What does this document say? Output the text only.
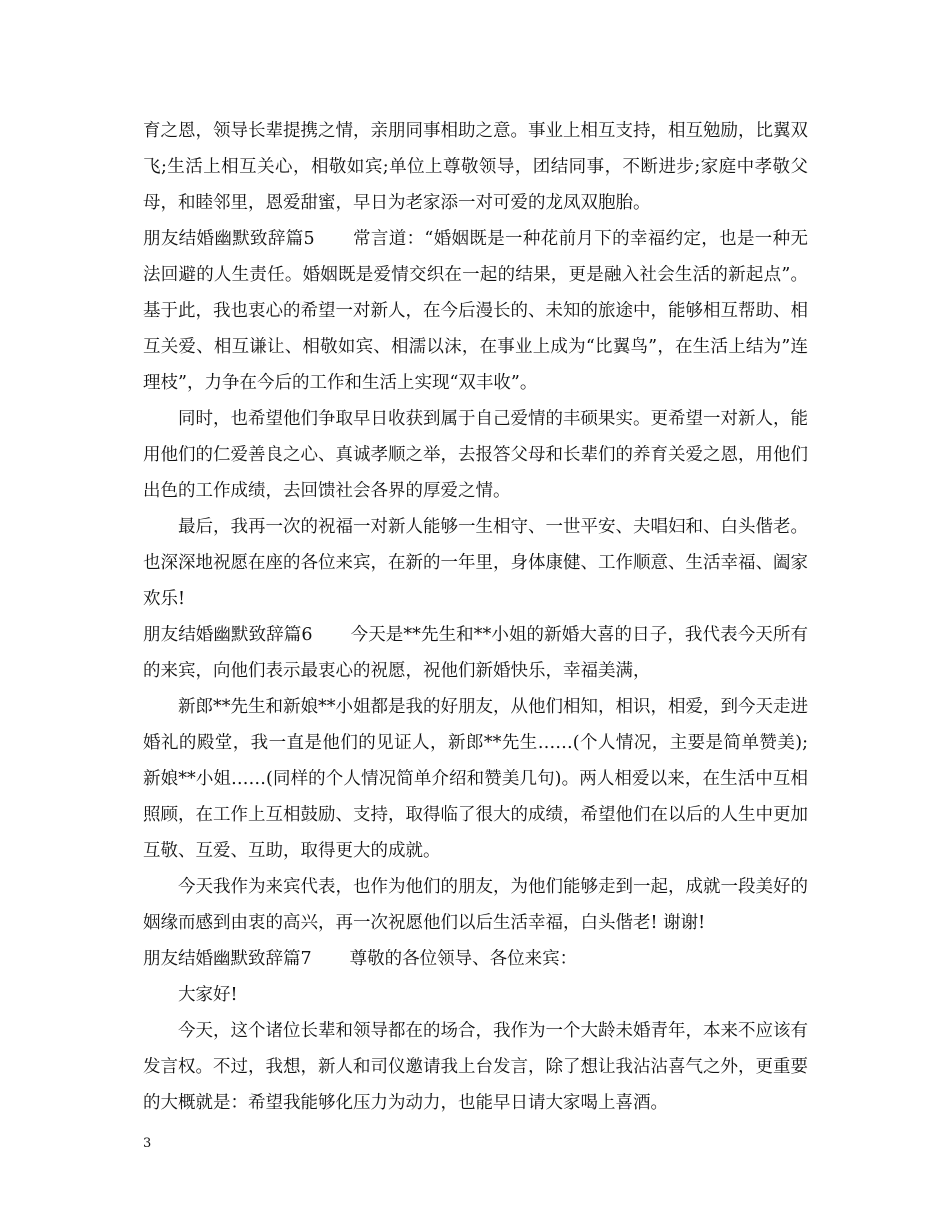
育之恩，领导长辈提携之情，亲朋同事相助之意。事业上相互支持，相互勉励，比翼双飞;生活上相互关心，相敬如宾;单位上尊敬领导，团结同事，不断进步;家庭中孝敬父母，和睦邻里，恩爱甜蜜，早日为老家添一对可爱的龙凤双胞胎。

朋友结婚幽默致辞篇5 常言道：“婚姻既是一种花前月下的幸福约定，也是一种无法回避的人生责任。婚姻既是爱情交织在一起的结果，更是融入社会生活的新起点”。基于此，我也衷心的希望一对新人，在今后漫长的、未知的旅途中，能够相互帮助、相互关爱、相互谦让、相敬如宾、相濡以沫，在事业上成为“比翼鸟”，在生活上结为”连理枝”，力争在今后的工作和生活上实现“双丰收”。

同时，也希望他们争取早日收获到属于自己爱情的丰硕果实。更希望一对新人，能用他们的仁爱善良之心、真诚孝顺之举，去报答父母和长辈们的养育关爱之恩，用他们出色的工作成绩，去回馈社会各界的厚爱之情。

最后，我再一次的祝福一对新人能够一生相守、一世平安、夫唱妇和、白头偕老。也深深地祝愿在座的各位来宾，在新的一年里，身体康健、工作顺意、生活幸福、阖家欢乐!

朋友结婚幽默致辞篇6 今天是**先生和**小姐的新婚大喜的日子，我代表今天所有的来宾，向他们表示最衷心的祝愿，祝他们新婚快乐，幸福美满，

新郎**先生和新娘**小姐都是我的好朋友，从他们相知，相识，相爱，到今天走进婚礼的殿堂，我一直是他们的见证人，新郎**先生……(个人情况，主要是简单赞美);新娘**小姐……(同样的个人情况简单介绍和赞美几句)。两人相爱以来，在生活中互相照顾，在工作上互相鼓励、支持，取得临了很大的成绩，希望他们在以后的人生中更加互敬、互爱、互助，取得更大的成就。

今天我作为来宾代表，也作为他们的朋友，为他们能够走到一起，成就一段美好的姻缘而感到由衷的高兴，再一次祝愿他们以后生活幸福，白头偕老! 谢谢!

朋友结婚幽默致辞篇7 尊敬的各位领导、各位来宾：

大家好!

今天，这个诸位长辈和领导都在的场合，我作为一个大龄未婚青年，本来不应该有发言权。不过，我想，新人和司仪邀请我上台发言，除了想让我沾沾喜气之外，更重要的大概就是：希望我能够化压力为动力，也能早日请大家喝上喜酒。

3
